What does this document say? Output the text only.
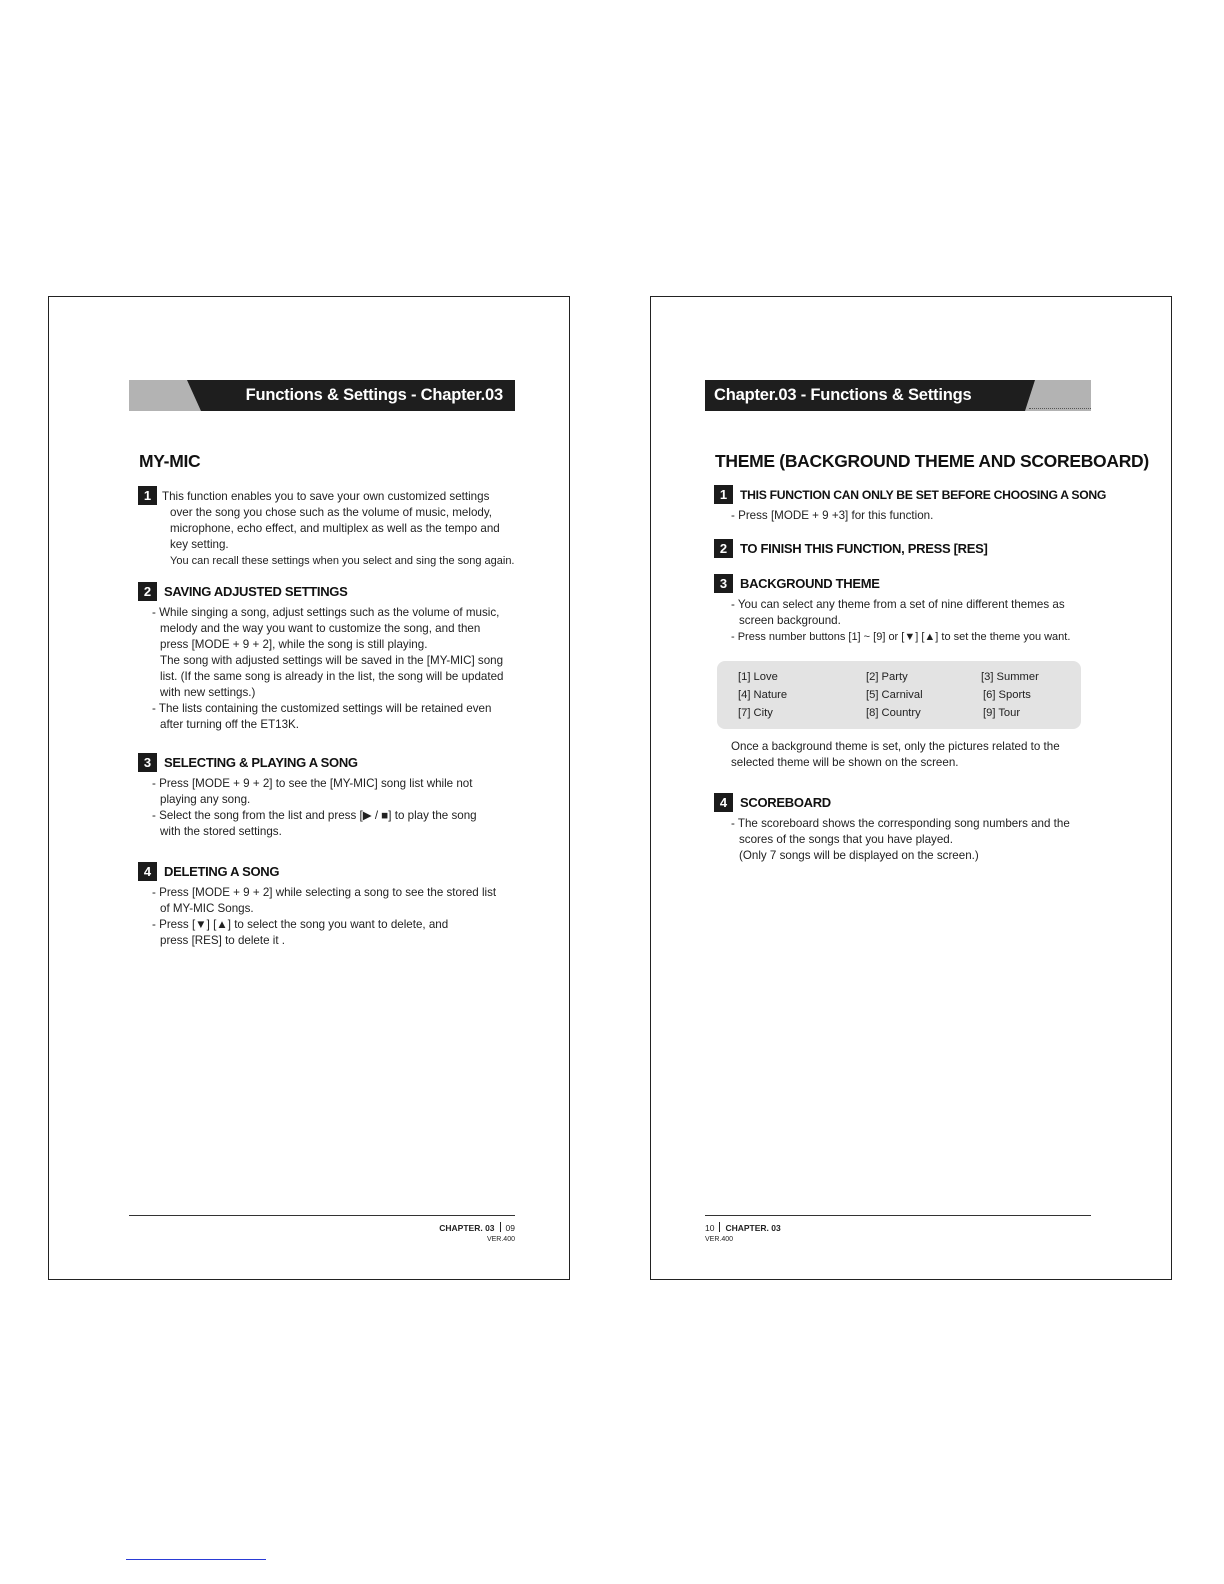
Functions & Settings - Chapter.03
MY-MIC
1 This function enables you to save your own customized settings
over the song you chose such as the volume of music, melody,
microphone, echo effect, and multiplex as well as the tempo and
key setting.
You can recall these settings when you select and sing the song again.
2 SAVING ADJUSTED SETTINGS
- While singing a song, adjust settings such as the volume of music,
melody and the way you want to customize the song, and then
press [MODE + 9 + 2], while the song is still playing.
The song with adjusted settings will be saved in the [MY-MIC] song
list. (If the same song is already in the list, the song will be updated
with new settings.)
- The lists containing the customized settings will be retained even
after turning off the ET13K.
3 SELECTING & PLAYING A SONG
- Press [MODE + 9 + 2] to see the [MY-MIC] song list while not
playing any song.
- Select the song from the list and press [▶ / ■] to play the song
with the stored settings.
4 DELETING A SONG
- Press [MODE + 9 + 2] while selecting a song to see the stored list
of MY-MIC Songs.
- Press [▼] [▲] to select the song you want to delete, and
press [RES] to delete it .
CHAPTER. 03 09
VER.400
Chapter.03 - Functions & Settings
THEME (BACKGROUND THEME AND SCOREBOARD)
1	THIS FUNCTION CAN ONLY BE SET BEFORE CHOOSING A SONG
- Press [MODE + 9 +3] for this function.
2 TO FINISH THIS FUNCTION, PRESS [RES]
3 BACKGROUND THEME
- You can select any theme from a set of nine different themes as
screen background.
- Press number buttons [1] ~ [9] or [▼] [▲] to set the theme you want.
[1] Love	[2] Party	[3] Summer
[4] Nature	[5] Carnival	[6] Sports
[7] City	[8] Country	[9] Tour
Once a background theme is set, only the pictures related to the
selected theme will be shown on the screen.
4 SCOREBOARD
- The scoreboard shows the corresponding song numbers and the
scores of the songs that you have played.
(Only 7 songs will be displayed on the screen.)
10 CHAPTER. 03
VER.400
